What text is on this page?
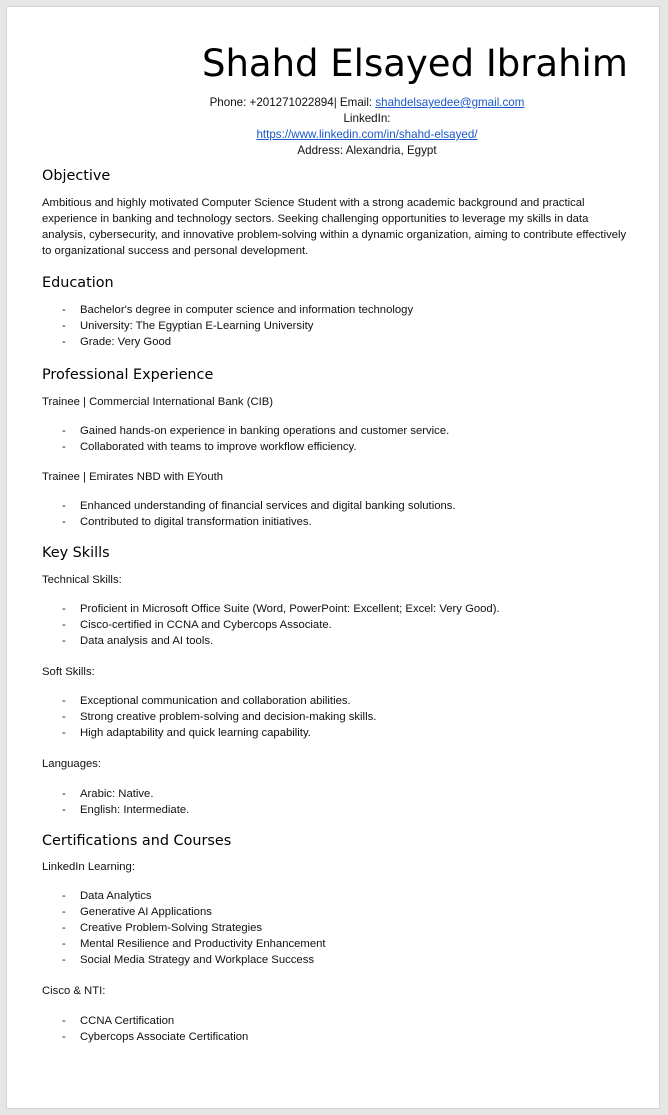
Shahd Elsayed Ibrahim
Phone: +201271022894| Email: shahdelsayedee@gmail.com
LinkedIn:
https://www.linkedin.com/in/shahd-elsayed/
Address: Alexandria, Egypt
Objective

Ambitious and highly motivated Computer Science Student with a strong academic background and practical experience in banking and technology sectors. Seeking challenging opportunities to leverage my skills in data analysis, cybersecurity, and innovative problem-solving within a dynamic organization, aiming to contribute effectively to organizational success and personal development.

Education
- Bachelor's degree in computer science and information technology
- University: The Egyptian E-Learning University
- Grade: Very Good
Professional Experience

Trainee | Commercial International Bank (CIB)

- Gained hands-on experience in banking operations and customer service.
- Collaborated with teams to improve workflow efficiency.

Trainee | Emirates NBD with EYouth

- Enhanced understanding of financial services and digital banking solutions.
- Contributed to digital transformation initiatives.
Key Skills

Technical Skills:

- Proficient in Microsoft Office Suite (Word, PowerPoint: Excellent; Excel: Very Good).
- Cisco-certified in CCNA and Cybercops Associate.
- Data analysis and AI tools.

Soft Skills:

- Exceptional communication and collaboration abilities.
- Strong creative problem-solving and decision-making skills.
- High adaptability and quick learning capability.

Languages:

- Arabic: Native.
- English: Intermediate.
Certifications and Courses

LinkedIn Learning:

- Data Analytics
- Generative AI Applications
- Creative Problem-Solving Strategies
- Mental Resilience and Productivity Enhancement
- Social Media Strategy and Workplace Success

Cisco & NTI:

- CCNA Certification
- Cybercops Associate Certification
